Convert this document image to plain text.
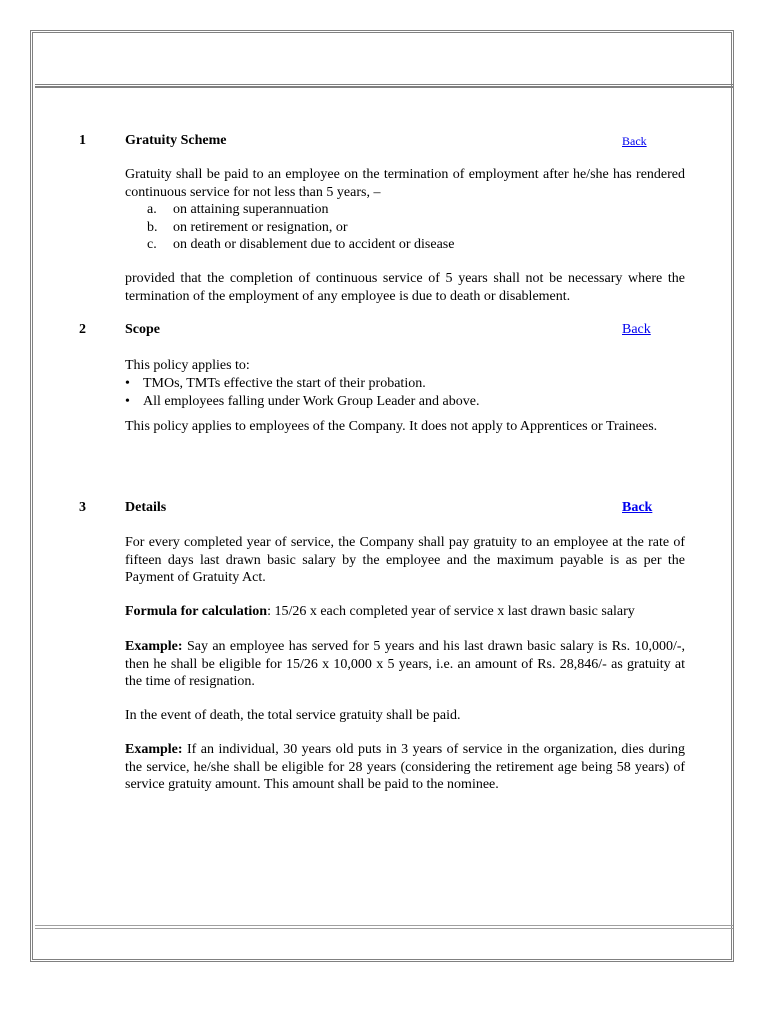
1	Gratuity Scheme	Back

Gratuity shall be paid to an employee on the termination of employment after he/she has rendered continuous service for not less than 5 years, –

a. on attaining superannuation
b. on retirement or resignation, or
c. on death or disablement due to accident or disease

provided that the completion of continuous service of 5 years shall not be necessary where the termination of the employment of any employee is due to death or disablement.

2	Scope	Back

This policy applies to:

• TMOs, TMTs effective the start of their probation.
• All employees falling under Work Group Leader and above.

This policy applies to employees of the Company. It does not apply to Apprentices or Trainees.

3	Details	Back

For every completed year of service, the Company shall pay gratuity to an employee at the rate of fifteen days last drawn basic salary by the employee and the maximum payable is as per the Payment of Gratuity Act.

Formula for calculation: 15/26 x each completed year of service x last drawn basic salary

Example: Say an employee has served for 5 years and his last drawn basic salary is Rs. 10,000/-, then he shall be eligible for 15/26 x 10,000 x 5 years, i.e. an amount of Rs. 28,846/- as gratuity at the time of resignation.

In the event of death, the total service gratuity shall be paid.

Example: If an individual, 30 years old puts in 3 years of service in the organization, dies during the service, he/she shall be eligible for 28 years (considering the retirement age being 58 years) of service gratuity amount. This amount shall be paid to the nominee.
